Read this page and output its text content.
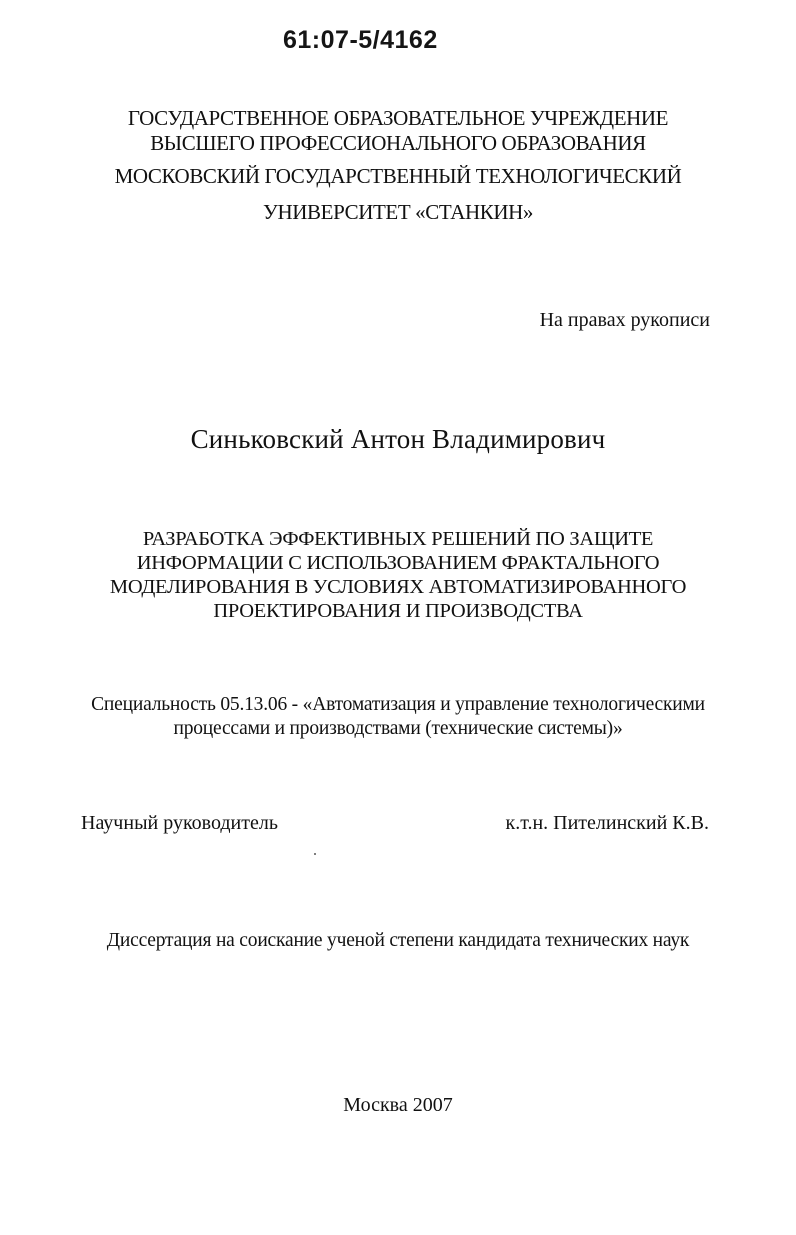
61:07-5/4162
ГОСУДАРСТВЕННОЕ ОБРАЗОВАТЕЛЬНОЕ УЧРЕЖДЕНИЕ
ВЫСШЕГО ПРОФЕССИОНАЛЬНОГО ОБРАЗОВАНИЯ
МОСКОВСКИЙ ГОСУДАРСТВЕННЫЙ ТЕХНОЛОГИЧЕСКИЙ
УНИВЕРСИТЕТ «СТАНКИН»
На правах рукописи
Синьковский Антон Владимирович
РАЗРАБОТКА ЭФФЕКТИВНЫХ РЕШЕНИЙ ПО ЗАЩИТЕ
ИНФОРМАЦИИ С ИСПОЛЬЗОВАНИЕМ ФРАКТАЛЬНОГО
МОДЕЛИРОВАНИЯ В УСЛОВИЯХ АВТОМАТИЗИРОВАННОГО
ПРОЕКТИРОВАНИЯ И ПРОИЗВОДСТВА
Специальность 05.13.06 - «Автоматизация и управление технологическими
процессами и производствами (технические системы)»
Научный руководитель	к.т.н. Пителинский К.В.
Диссертация на соискание ученой степени кандидата технических наук
Москва 2007
